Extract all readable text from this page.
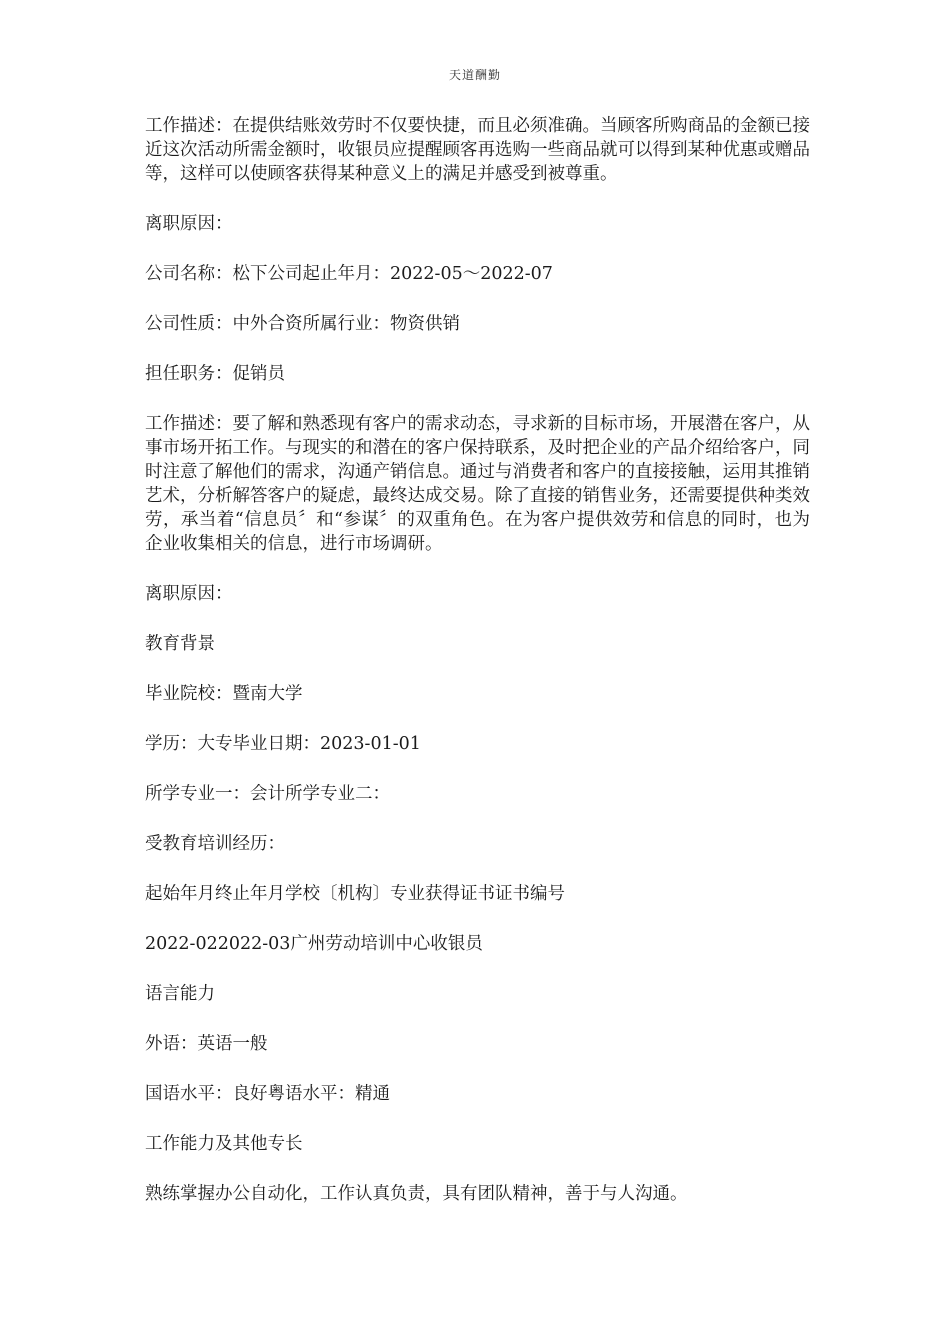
天道酬勤

工作描述：在提供结账效劳时不仅要快捷，而且必须准确。当顾客所购商品的金额已接近这次活动所需金额时，收银员应提醒顾客再选购一些商品就可以得到某种优惠或赠品等，这样可以使顾客获得某种意义上的满足并感受到被尊重。

离职原因：

公司名称：松下公司起止年月：2022-05～2022-07

公司性质：中外合资所属行业：物资供销

担任职务：促销员

工作描述：要了解和熟悉现有客户的需求动态，寻求新的目标市场，开展潜在客户，从事市场开拓工作。与现实的和潜在的客户保持联系，及时把企业的产品介绍给客户，同时注意了解他们的需求，沟通产销信息。通过与消费者和客户的直接接触，运用其推销艺术，分析解答客户的疑虑，最终达成交易。除了直接的销售业务，还需要提供种类效劳，承当着“信息员〞和“参谋〞的双重角色。在为客户提供效劳和信息的同时，也为企业收集相关的信息，进行市场调研。

离职原因：

教育背景

毕业院校：暨南大学

学历：大专毕业日期：2023-01-01

所学专业一：会计所学专业二：

受教育培训经历：

起始年月终止年月学校〔机构〕专业获得证书证书编号

2022-022022-03广州劳动培训中心收银员

语言能力

外语：英语一般

国语水平：良好粤语水平：精通

工作能力及其他专长

熟练掌握办公自动化，工作认真负责，具有团队精神，善于与人沟通。
